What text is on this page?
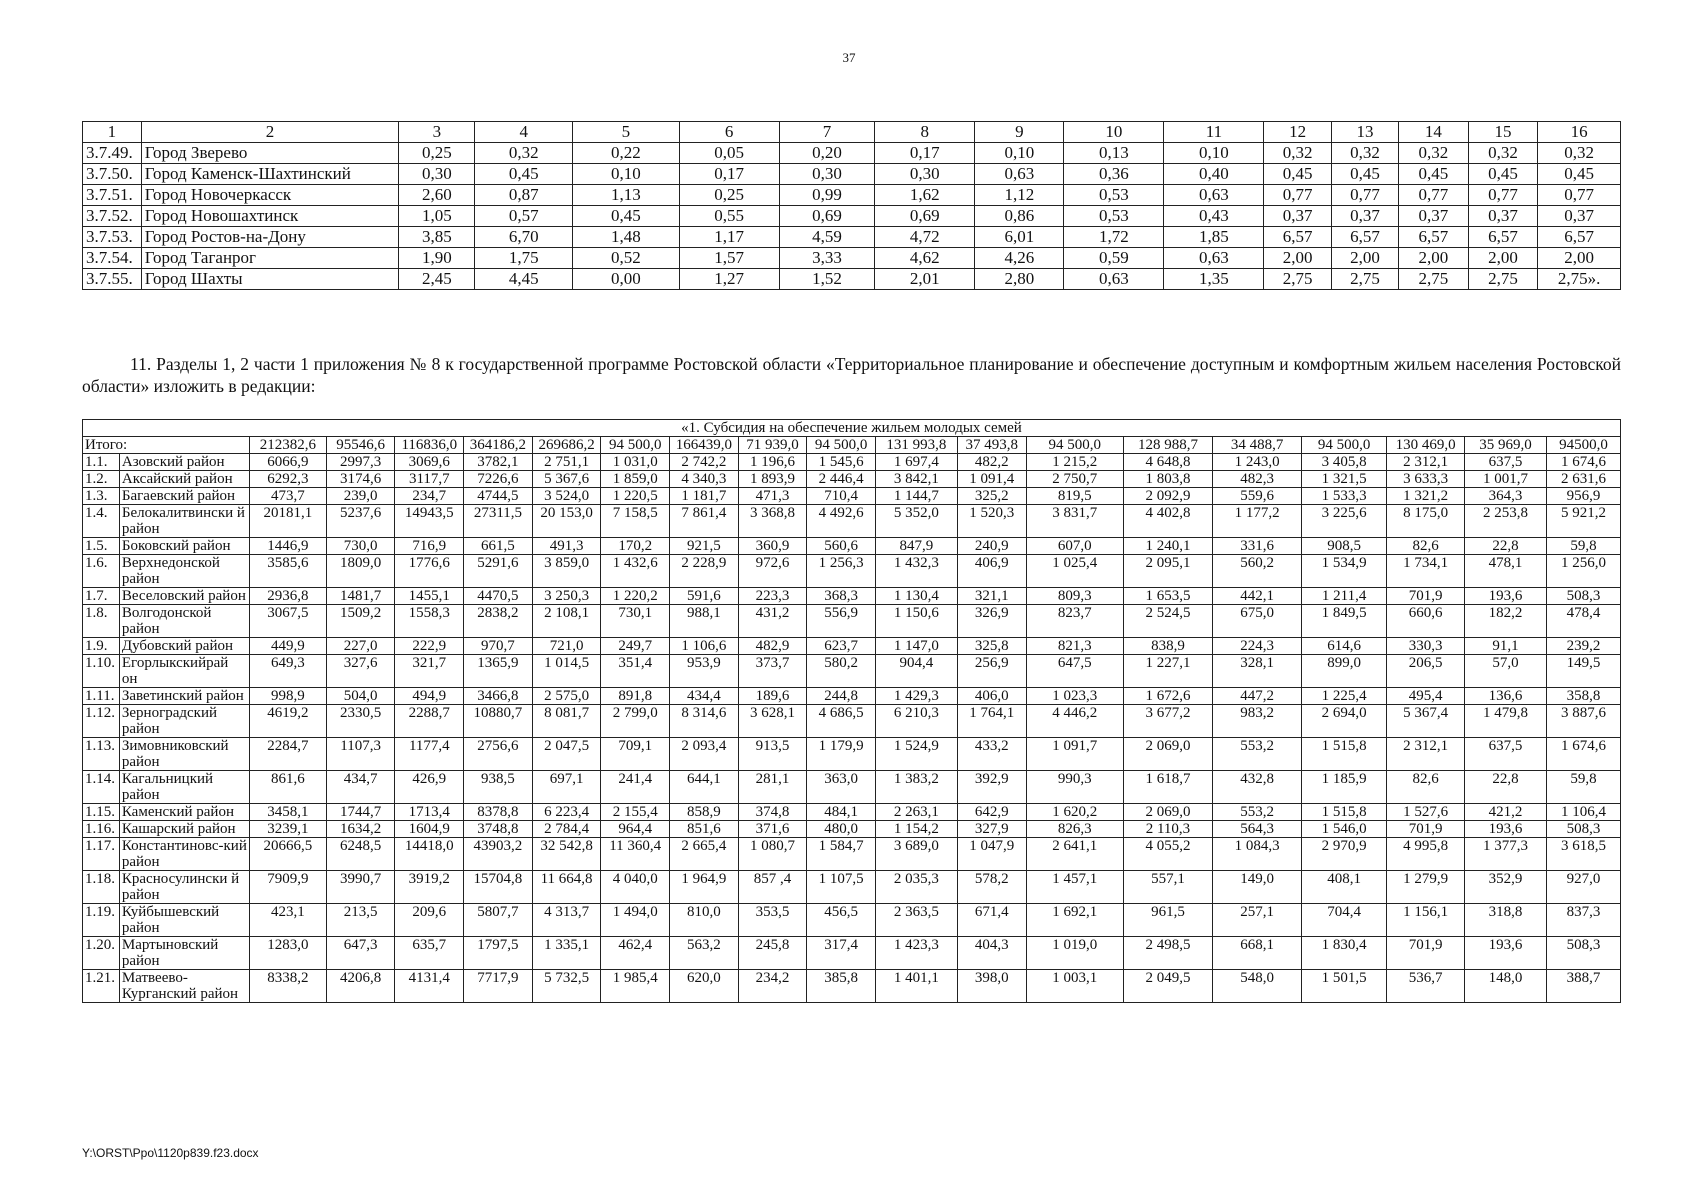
37
1	2	3	4	5	6	7	8	9	10	11	12	13	14	15	16
3.7.49.	Город Зверево	0,25	0,32	0,22	0,05	0,20	0,17	0,10	0,13	0,10	0,32	0,32	0,32	0,32	0,32
3.7.50.	Город Каменск-Шахтинский	0,30	0,45	0,10	0,17	0,30	0,30	0,63	0,36	0,40	0,45	0,45	0,45	0,45	0,45
3.7.51.	Город Новочеркасск	2,60	0,87	1,13	0,25	0,99	1,62	1,12	0,53	0,63	0,77	0,77	0,77	0,77	0,77
3.7.52.	Город Новошахтинск	1,05	0,57	0,45	0,55	0,69	0,69	0,86	0,53	0,43	0,37	0,37	0,37	0,37	0,37
3.7.53.	Город Ростов-на-Дону	3,85	6,70	1,48	1,17	4,59	4,72	6,01	1,72	1,85	6,57	6,57	6,57	6,57	6,57
3.7.54.	Город Таганрог	1,90	1,75	0,52	1,57	3,33	4,62	4,26	0,59	0,63	2,00	2,00	2,00	2,00	2,00
3.7.55.	Город Шахты	2,45	4,45	0,00	1,27	1,52	2,01	2,80	0,63	1,35	2,75	2,75	2,75	2,75	2,75».
11. Разделы 1, 2 части 1 приложения № 8 к государственной программе Ростовской области «Территориальное планирование и обеспечение доступным и комфортным жильем населения Ростовской области» изложить в редакции:
«1. Субсидия на обеспечение жильем молодых семей																			
Итого:		212382,6	95546,6	116836,0	364186,2	269686,2	94 500,0	166439,0	71 939,0	94 500,0	131 993,8	37 493,8	94 500,0	128 988,7	34 488,7	94 500,0	130 469,0	35 969,0	94500,0
1.1.	Азовский район	6066,9	2997,3	3069,6	3782,1	2 751,1	1 031,0	2 742,2	1 196,6	1 545,6	1 697,4	482,2	1 215,2	4 648,8	1 243,0	3 405,8	2 312,1	637,5	1 674,6
1.2.	Аксайский район	6292,3	3174,6	3117,7	7226,6	5 367,6	1 859,0	4 340,3	1 893,9	2 446,4	3 842,1	1 091,4	2 750,7	1 803,8	482,3	1 321,5	3 633,3	1 001,7	2 631,6
1.3.	Багаевский район	473,7	239,0	234,7	4744,5	3 524,0	1 220,5	1 181,7	471,3	710,4	1 144,7	325,2	819,5	2 092,9	559,6	1 533,3	1 321,2	364,3	956,9
1.4.	Белокалитвински й район	20181,1	5237,6	14943,5	27311,5	20 153,0	7 158,5	7 861,4	3 368,8	4 492,6	5 352,0	1 520,3	3 831,7	4 402,8	1 177,2	3 225,6	8 175,0	2 253,8	5 921,2
1.5.	Боковский район	1446,9	730,0	716,9	661,5	491,3	170,2	921,5	360,9	560,6	847,9	240,9	607,0	1 240,1	331,6	908,5	82,6	22,8	59,8
1.6.	Верхнедонской район	3585,6	1809,0	1776,6	5291,6	3 859,0	1 432,6	2 228,9	972,6	1 256,3	1 432,3	406,9	1 025,4	2 095,1	560,2	1 534,9	1 734,1	478,1	1 256,0
1.7.	Веселовский район	2936,8	1481,7	1455,1	4470,5	3 250,3	1 220,2	591,6	223,3	368,3	1 130,4	321,1	809,3	1 653,5	442,1	1 211,4	701,9	193,6	508,3
1.8.	Волгодонской район	3067,5	1509,2	1558,3	2838,2	2 108,1	730,1	988,1	431,2	556,9	1 150,6	326,9	823,7	2 524,5	675,0	1 849,5	660,6	182,2	478,4
1.9.	Дубовский район	449,9	227,0	222,9	970,7	721,0	249,7	1 106,6	482,9	623,7	1 147,0	325,8	821,3	838,9	224,3	614,6	330,3	91,1	239,2
1.10.	Егорлыкскийрай он	649,3	327,6	321,7	1365,9	1 014,5	351,4	953,9	373,7	580,2	904,4	256,9	647,5	1 227,1	328,1	899,0	206,5	57,0	149,5
1.11.	Заветинский район	998,9	504,0	494,9	3466,8	2 575,0	891,8	434,4	189,6	244,8	1 429,3	406,0	1 023,3	1 672,6	447,2	1 225,4	495,4	136,6	358,8
1.12.	Зерноградский район	4619,2	2330,5	2288,7	10880,7	8 081,7	2 799,0	8 314,6	3 628,1	4 686,5	6 210,3	1 764,1	4 446,2	3 677,2	983,2	2 694,0	5 367,4	1 479,8	3 887,6
1.13.	Зимовниковский район	2284,7	1107,3	1177,4	2756,6	2 047,5	709,1	2 093,4	913,5	1 179,9	1 524,9	433,2	1 091,7	2 069,0	553,2	1 515,8	2 312,1	637,5	1 674,6
1.14.	Кагальницкий район	861,6	434,7	426,9	938,5	697,1	241,4	644,1	281,1	363,0	1 383,2	392,9	990,3	1 618,7	432,8	1 185,9	82,6	22,8	59,8
1.15.	Каменский район	3458,1	1744,7	1713,4	8378,8	6 223,4	2 155,4	858,9	374,8	484,1	2 263,1	642,9	1 620,2	2 069,0	553,2	1 515,8	1 527,6	421,2	1 106,4
1.16.	Кашарский район	3239,1	1634,2	1604,9	3748,8	2 784,4	964,4	851,6	371,6	480,0	1 154,2	327,9	826,3	2 110,3	564,3	1 546,0	701,9	193,6	508,3
1.17.	Константиновс-кий район	20666,5	6248,5	14418,0	43903,2	32 542,8	11 360,4	2 665,4	1 080,7	1 584,7	3 689,0	1 047,9	2 641,1	4 055,2	1 084,3	2 970,9	4 995,8	1 377,3	3 618,5
1.18.	Красносулински й район	7909,9	3990,7	3919,2	15704,8	11 664,8	4 040,0	1 964,9	857 ,4	1 107,5	2 035,3	578,2	1 457,1	557,1	149,0	408,1	1 279,9	352,9	927,0
1.19.	Куйбышевский район	423,1	213,5	209,6	5807,7	4 313,7	1 494,0	810,0	353,5	456,5	2 363,5	671,4	1 692,1	961,5	257,1	704,4	1 156,1	318,8	837,3
1.20.	Мартыновский район	1283,0	647,3	635,7	1797,5	1 335,1	462,4	563,2	245,8	317,4	1 423,3	404,3	1 019,0	2 498,5	668,1	1 830,4	701,9	193,6	508,3
1.21.	Матвеево-Курганский район	8338,2	4206,8	4131,4	7717,9	5 732,5	1 985,4	620,0	234,2	385,8	1 401,1	398,0	1 003,1	2 049,5	548,0	1 501,5	536,7	148,0	388,7
Y:\ORST\Ppo\1120p839.f23.docx
